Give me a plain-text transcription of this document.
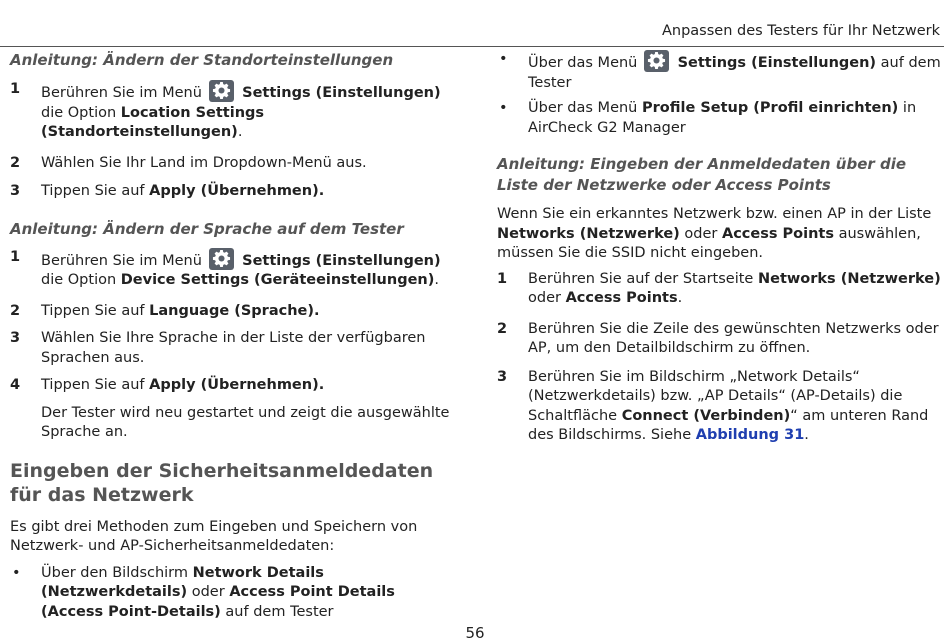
Anpassen des Testers für Ihr Netzwerk
Anleitung: Ändern der Standorteinstellungen
1 Berühren Sie im Menü	Settings (Einstellungen)
die Option Location Settings (Standorteinstellungen).
2 Wählen Sie Ihr Land im Dropdown-Menü aus.
3 Tippen Sie auf Apply (Übernehmen).
Anleitung: Ändern der Sprache auf dem Tester
1 Berühren Sie im Menü	Settings (Einstellungen)
die Option Device Settings (Geräteeinstellungen).
2 Tippen Sie auf Language (Sprache).
3 Wählen Sie Ihre Sprache in der Liste der verfügbaren Sprachen aus.
4 Tippen Sie auf Apply (Übernehmen).
Der Tester wird neu gestartet und zeigt die ausgewählte Sprache an.
Eingeben der Sicherheitsanmeldedaten für das Netzwerk
Es gibt drei Methoden zum Eingeben und Speichern von Netzwerk- und AP-Sicherheitsanmeldedaten:
• Über den Bildschirm Network Details (Netzwerkdetails) oder Access Point Details (Access Point-Details) auf dem Tester
• Über das Menü	Settings (Einstellungen) auf dem Tester
• Über das Menü Profile Setup (Profil einrichten) in AirCheck G2 Manager
Anleitung: Eingeben der Anmeldedaten über die Liste der Netzwerke oder Access Points
Wenn Sie ein erkanntes Netzwerk bzw. einen AP in der Liste Networks (Netzwerke) oder Access Points auswählen, müssen Sie die SSID nicht eingeben.
1 Berühren Sie auf der Startseite Networks (Netzwerke) oder Access Points.
2 Berühren Sie die Zeile des gewünschten Netzwerks oder AP, um den Detailbildschirm zu öffnen.
3 Berühren Sie im Bildschirm „Network Details“ (Netzwerkdetails) bzw. „AP Details“ (AP-Details) die Schaltfläche Connect (Verbinden)“ am unteren Rand des Bildschirms. Siehe Abbildung 31.
56
